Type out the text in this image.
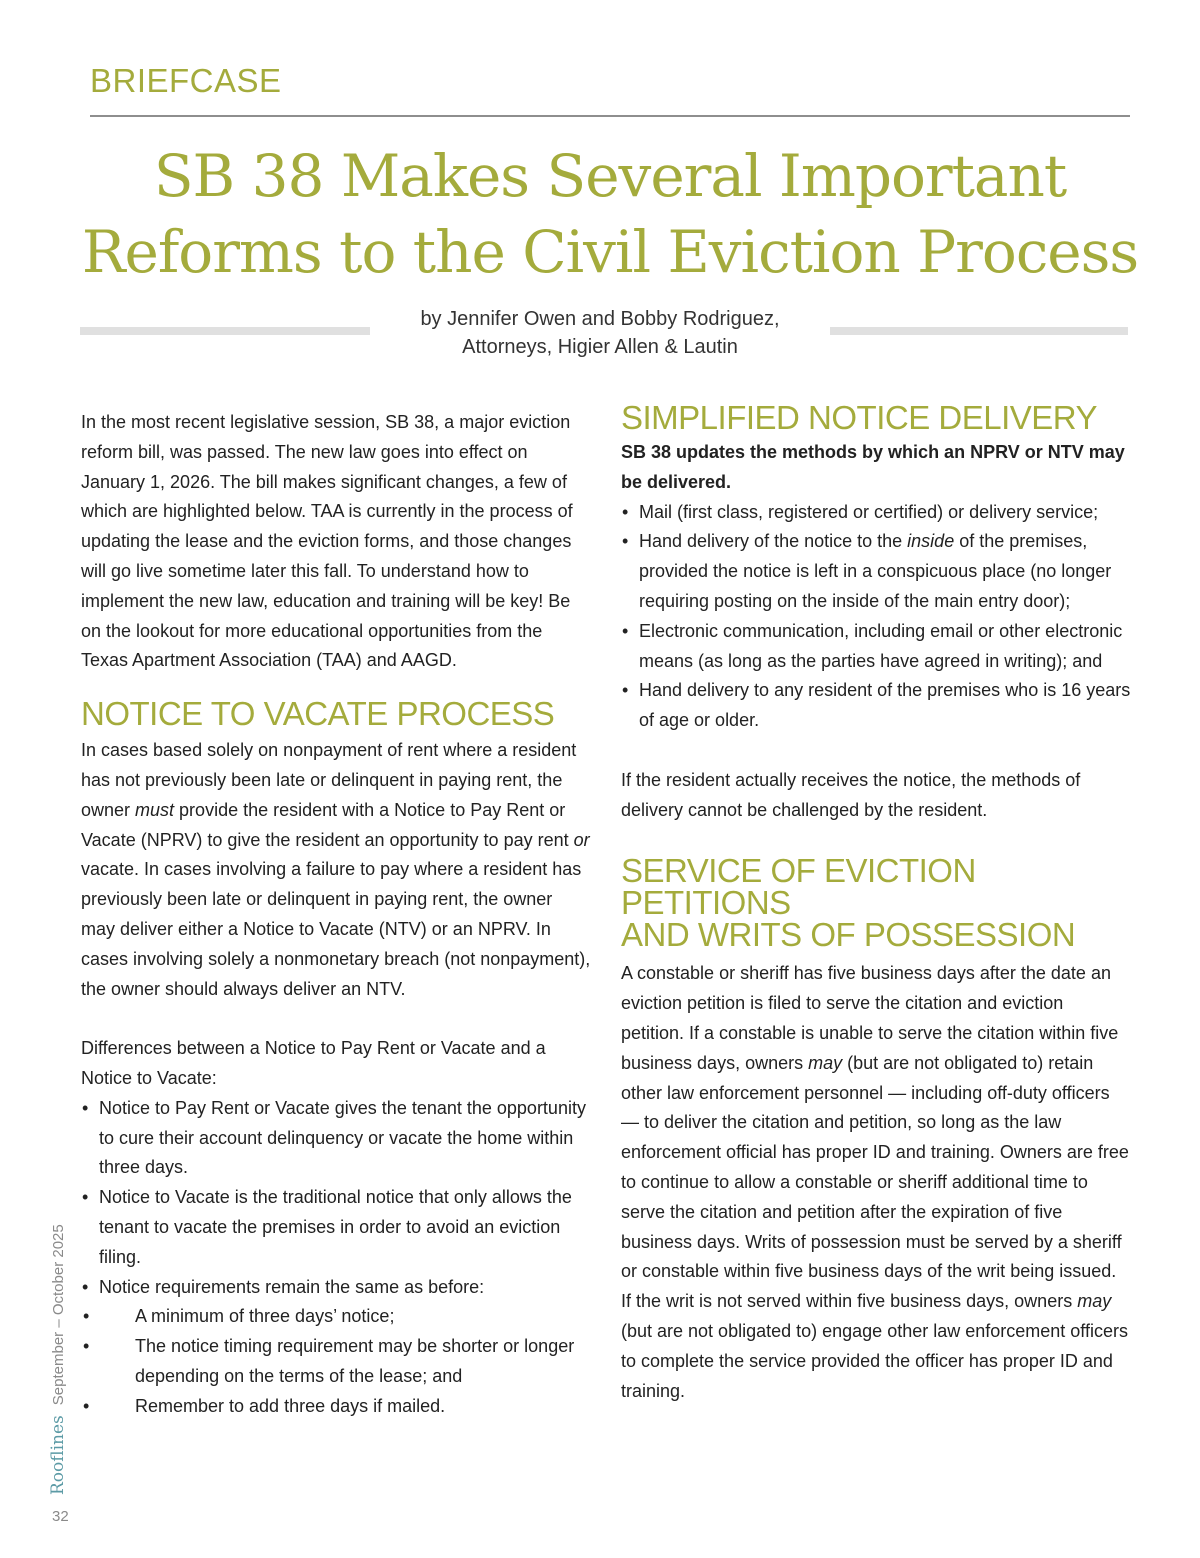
BRIEFCASE
SB 38 Makes Several Important Reforms to the Civil Eviction Process
by Jennifer Owen and Bobby Rodriguez,
Attorneys, Higier Allen & Lautin

In the most recent legislative session, SB 38, a major eviction reform bill, was passed. The new law goes into effect on January 1, 2026. The bill makes significant changes, a few of which are highlighted below. TAA is currently in the process of updating the lease and the eviction forms, and those changes will go live sometime later this fall. To understand how to implement the new law, education and training will be key! Be on the lookout for more educational opportunities from the Texas Apartment Association (TAA) and AAGD.

NOTICE TO VACATE PROCESS

In cases based solely on nonpayment of rent where a resident has not previously been late or delinquent in paying rent, the owner must provide the resident with a Notice to Pay Rent or Vacate (NPRV) to give the resident an opportunity to pay rent or vacate. In cases involving a failure to pay where a resident has previously been late or delinquent in paying rent, the owner may deliver either a Notice to Vacate (NTV) or an NPRV. In cases involving solely a nonmonetary breach (not nonpayment), the owner should always deliver an NTV.

Differences between a Notice to Pay Rent or Vacate and a Notice to Vacate:

• Notice to Pay Rent or Vacate gives the tenant the opportunity to cure their account delinquency or vacate the home within three days.
• Notice to Vacate is the traditional notice that only allows the tenant to vacate the premises in order to avoid an eviction filing.
• Notice requirements remain the same as before:
• A minimum of three days’ notice;
• The notice timing requirement may be shorter or longer depending on the terms of the lease; and
• Remember to add three days if mailed.
SIMPLIFIED NOTICE DELIVERY

SB 38 updates the methods by which an NPRV or NTV may be delivered.

• Mail (first class, registered or certified) or delivery service;
• Hand delivery of the notice to the inside of the premises, provided the notice is left in a conspicuous place (no longer requiring posting on the inside of the main entry door);
• Electronic communication, including email or other electronic means (as long as the parties have agreed in writing); and
• Hand delivery to any resident of the premises who is 16 years of age or older.

If the resident actually receives the notice, the methods of delivery cannot be challenged by the resident.

SERVICE OF EVICTION PETITIONS
AND WRITS OF POSSESSION

A constable or sheriff has five business days after the date an eviction petition is filed to serve the citation and eviction petition. If a constable is unable to serve the citation within five business days, owners may (but are not obligated to) retain other law enforcement personnel — including off-duty officers — to deliver the citation and petition, so long as the law enforcement official has proper ID and training. Owners are free to continue to allow a constable or sheriff additional time to serve the citation and petition after the expiration of five business days. Writs of possession must be served by a sheriff or constable within five business days of the writ being issued. If the writ is not served within five business days, owners may (but are not obligated to) engage other law enforcement officers to complete the service provided the officer has proper ID and training.

RooflinesSeptember – October 2025
32
